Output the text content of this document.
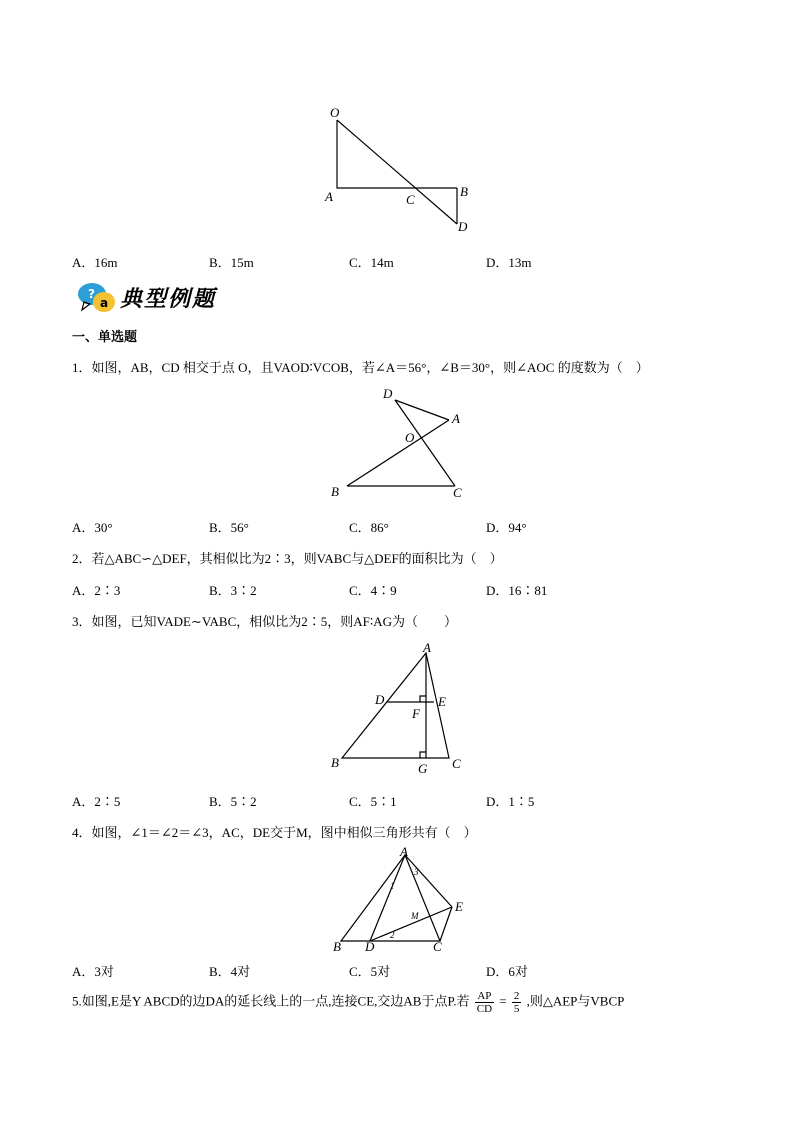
O
A	C
B
D
A．16m	B．15m	C．14m	D．13m
?
a 典型例题
一、单选题
1．如图，AB，CD 相交于点 O，且VAOD∶VCOB，若∠A＝56°，∠B＝30°，则∠AOC 的度数为（　）
D
A
O
B	C
A．30°	B．56°	C．86°	D．94°
2．若△ABC∽△DEF，其相似比为2∶3，则VABC与△DEF的面积比为（　）
A．2∶3	B．3∶2	C．4∶9	D．16∶81
3．如图，已知VADE∼VABC，相似比为2∶5，则AF∶AG为（　　）
A
D	E
F
B	G C
A．2∶5	B．5∶2	C．5∶1	D．1∶5
4．如图，∠1＝∠2＝∠3，AC，DE交于M，图中相似三角形共有（　）
A
E
M
B D	C
1
2
3
A．3对	B．4对	C．5对	D．6对
5.如图,E是Y ABCD的边DA的延长线上的一点,连接CE,交边AB于点P.若 $\frac{AP}{CD} = \frac{2}{5}$ ,则△AEP与VBCP
